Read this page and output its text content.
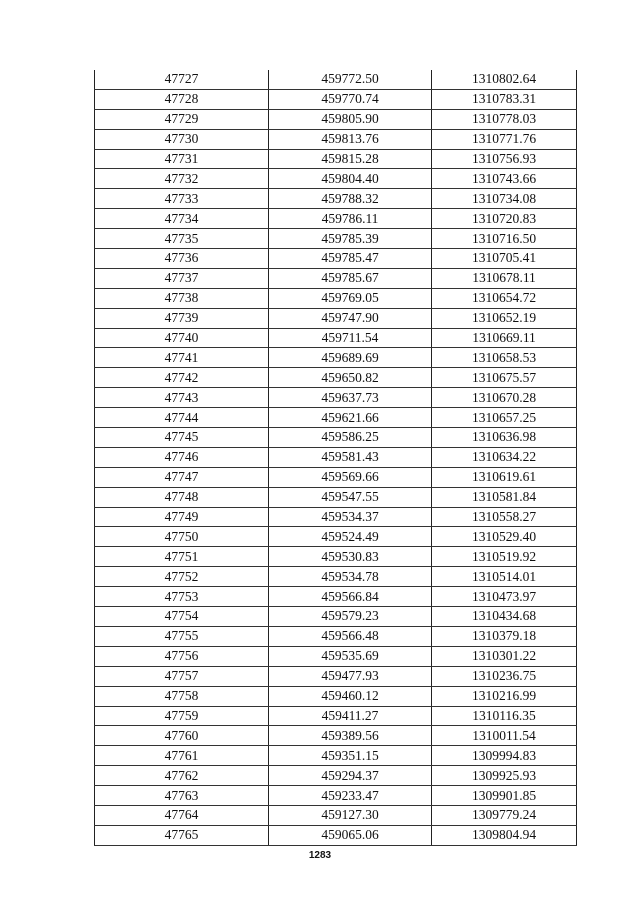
47727	459772.50	1310802.64
47728	459770.74	1310783.31
47729	459805.90	1310778.03
47730	459813.76	1310771.76
47731	459815.28	1310756.93
47732	459804.40	1310743.66
47733	459788.32	1310734.08
47734	459786.11	1310720.83
47735	459785.39	1310716.50
47736	459785.47	1310705.41
47737	459785.67	1310678.11
47738	459769.05	1310654.72
47739	459747.90	1310652.19
47740	459711.54	1310669.11
47741	459689.69	1310658.53
47742	459650.82	1310675.57
47743	459637.73	1310670.28
47744	459621.66	1310657.25
47745	459586.25	1310636.98
47746	459581.43	1310634.22
47747	459569.66	1310619.61
47748	459547.55	1310581.84
47749	459534.37	1310558.27
47750	459524.49	1310529.40
47751	459530.83	1310519.92
47752	459534.78	1310514.01
47753	459566.84	1310473.97
47754	459579.23	1310434.68
47755	459566.48	1310379.18
47756	459535.69	1310301.22
47757	459477.93	1310236.75
47758	459460.12	1310216.99
47759	459411.27	1310116.35
47760	459389.56	1310011.54
47761	459351.15	1309994.83
47762	459294.37	1309925.93
47763	459233.47	1309901.85
47764	459127.30	1309779.24
47765	459065.06	1309804.94
1283
